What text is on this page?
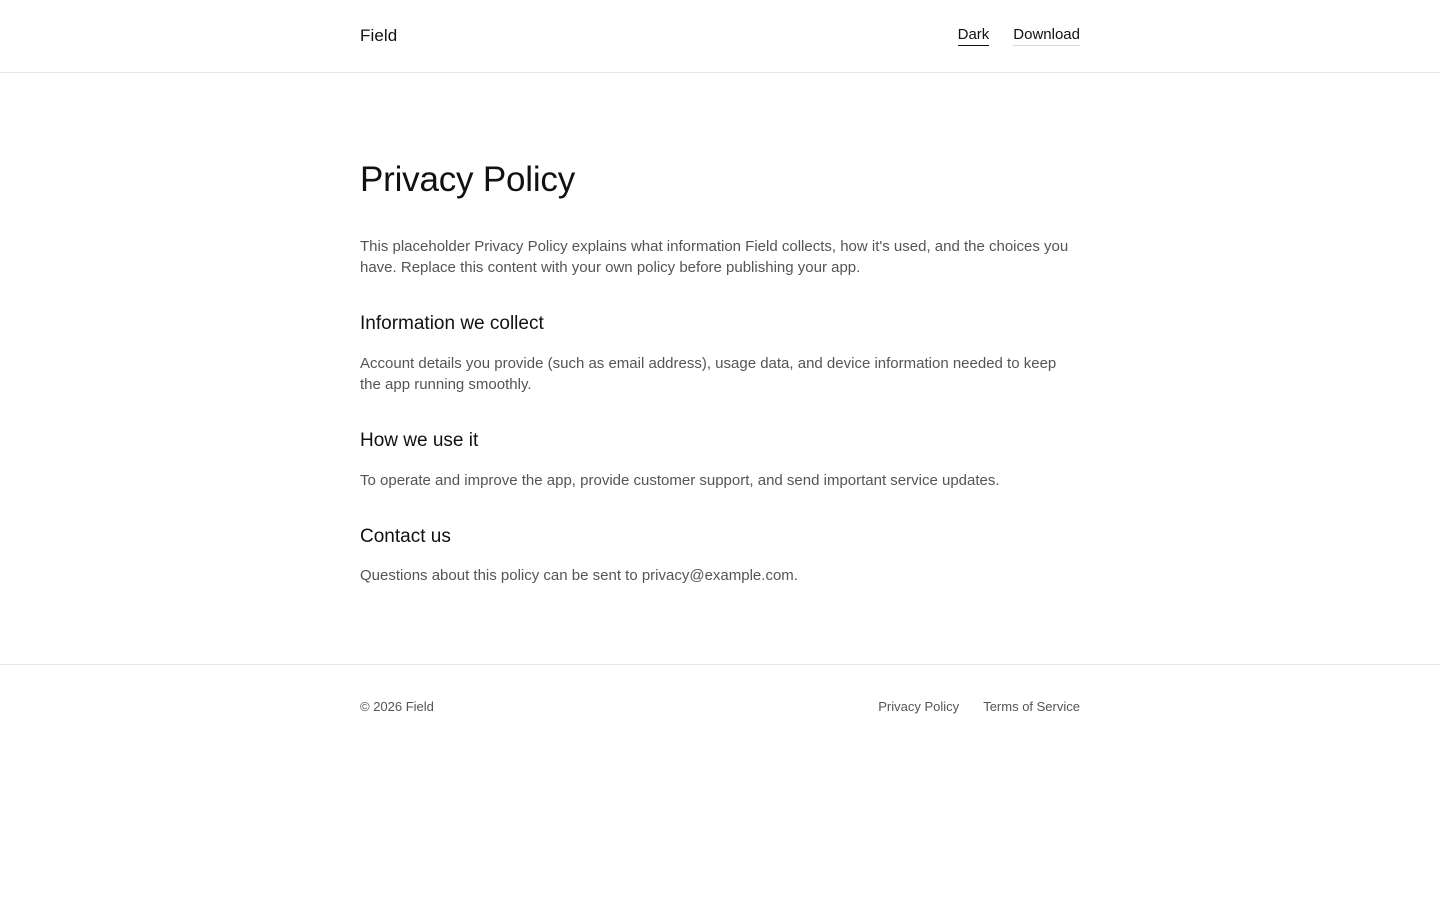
Field	Dark Download
Privacy Policy

This placeholder Privacy Policy explains what information Field collects, how it's used, and the choices you have. Replace this content with your own policy before publishing your app.

Information we collect

Account details you provide (such as email address), usage data, and device information needed to keep the app running smoothly.

How we use it

To operate and improve the app, provide customer support, and send important service updates.

Contact us

Questions about this policy can be sent to privacy@example.com.

© 2026 Field	Privacy Policy Terms of Service
